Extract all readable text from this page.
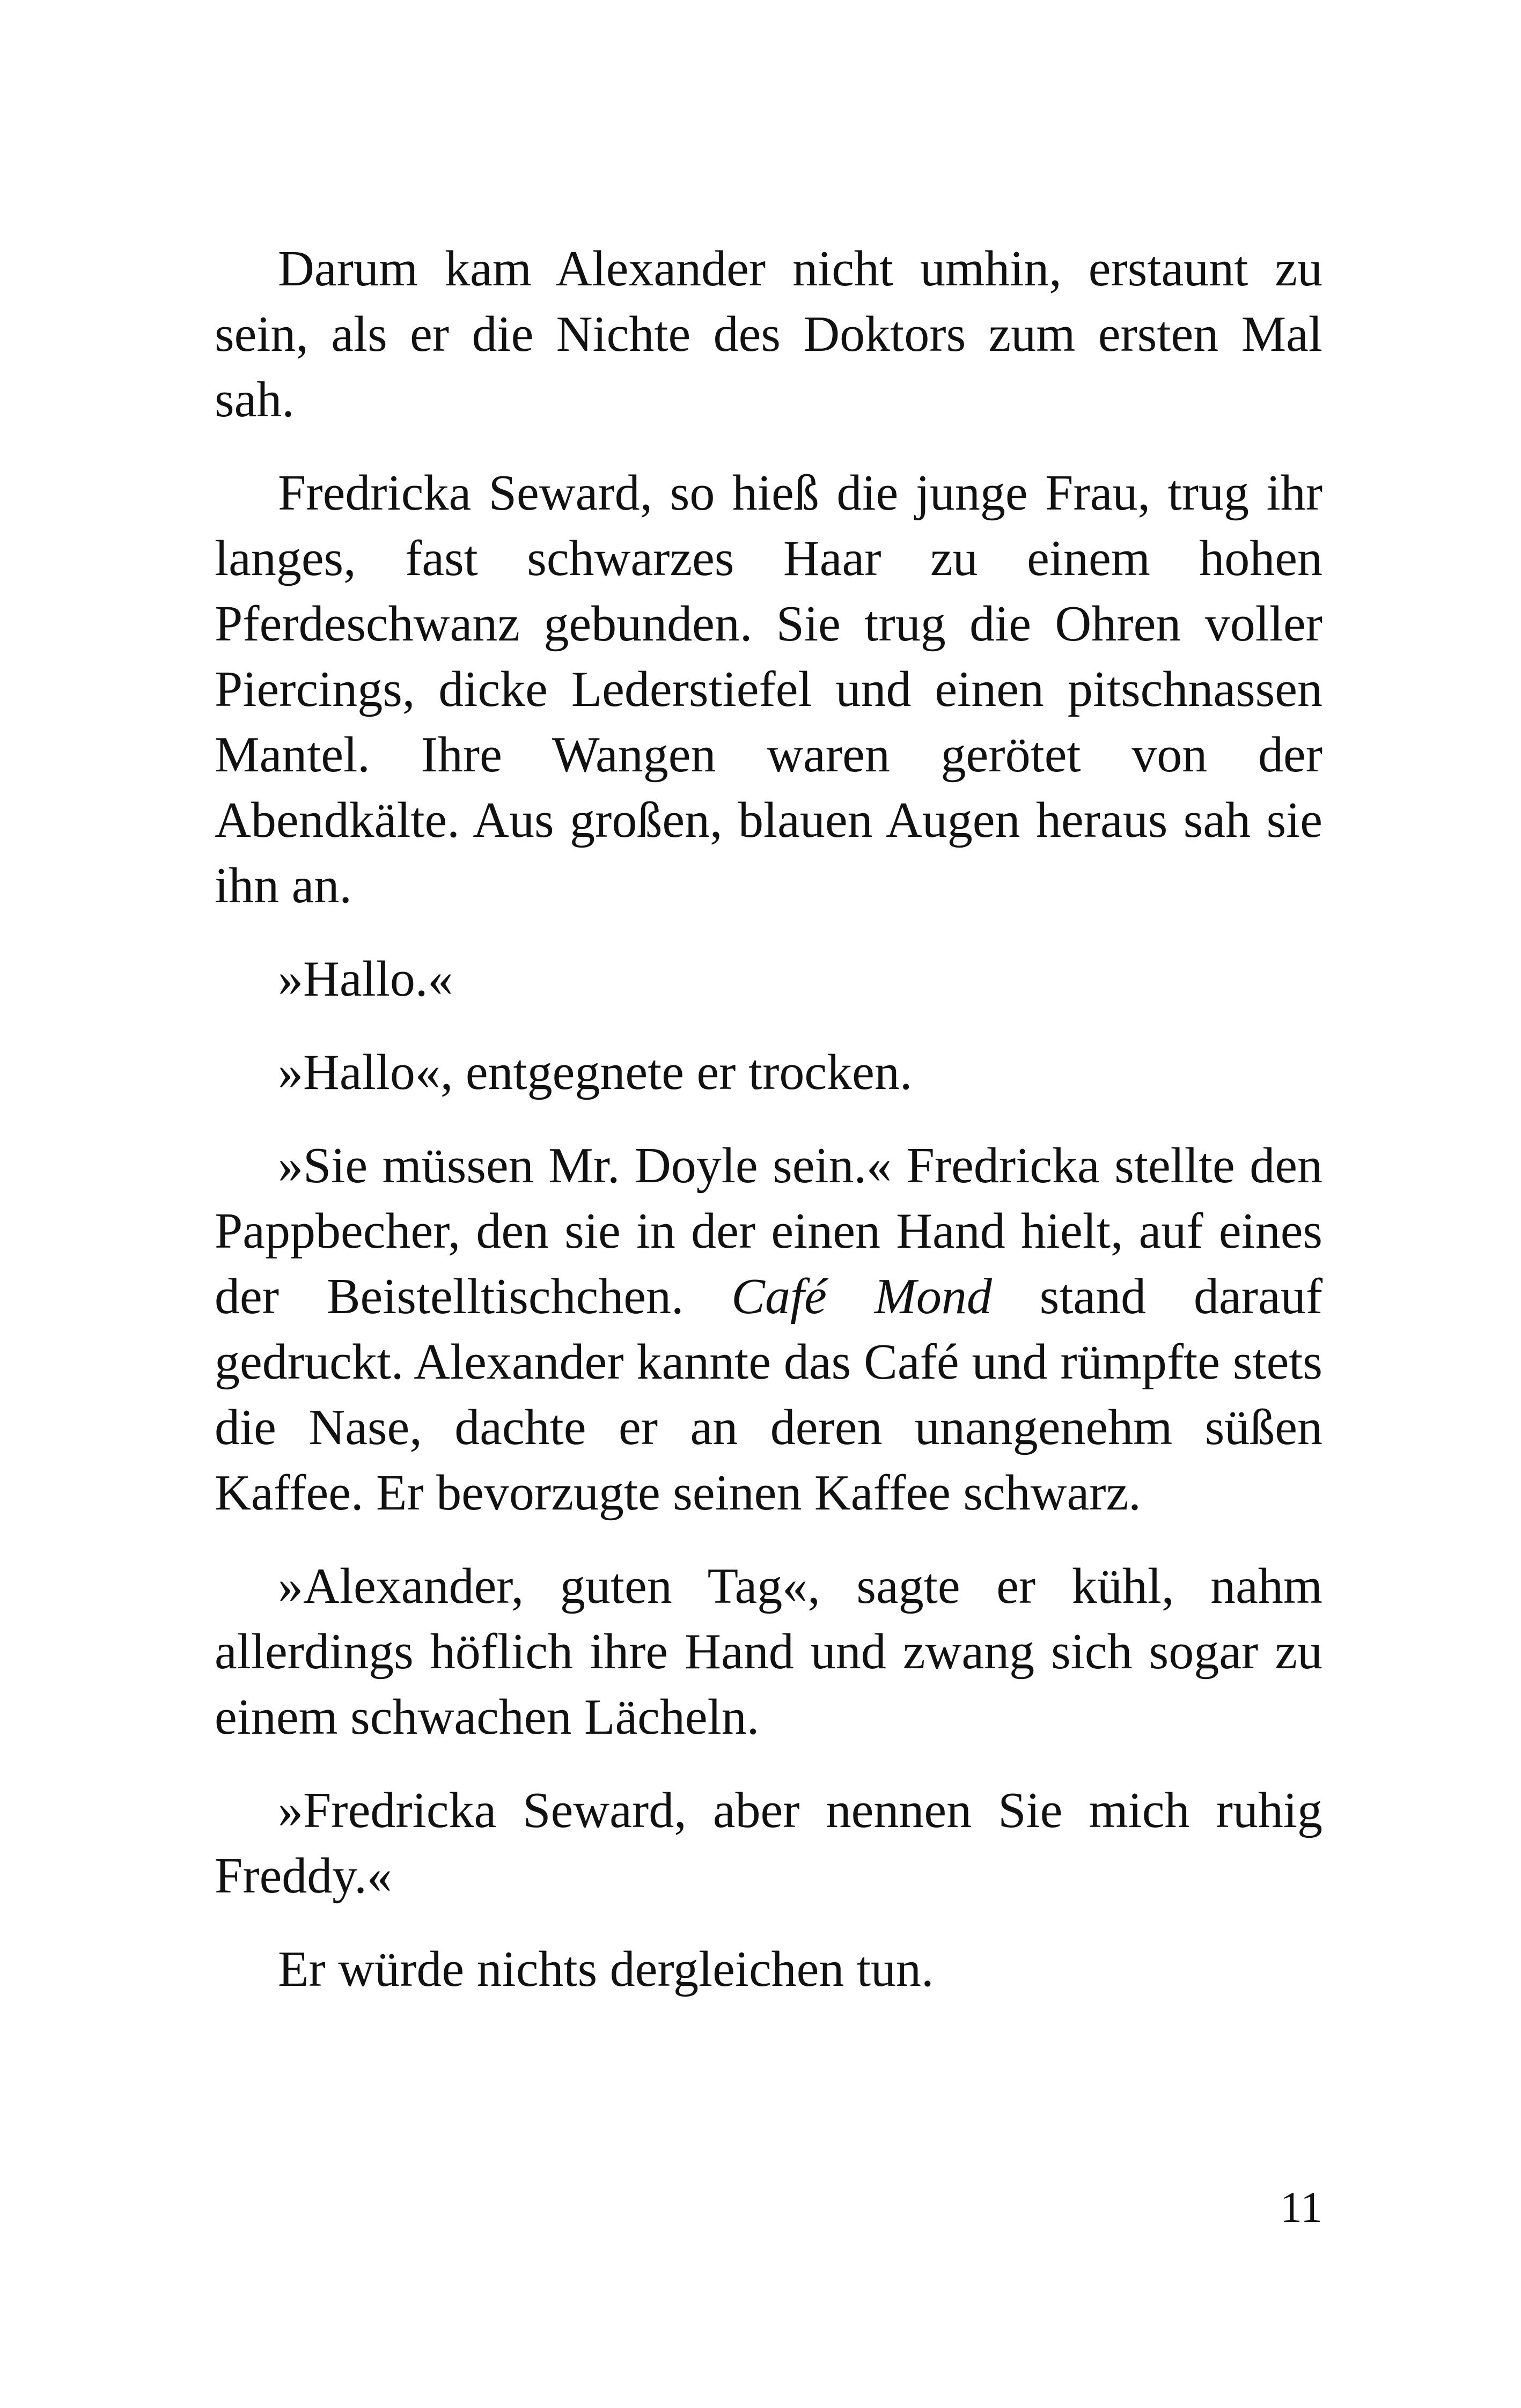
Darum kam Alexander nicht umhin, erstaunt zu sein, als er die Nichte des Doktors zum ersten Mal sah.

Fredricka Seward, so hieß die junge Frau, trug ihr langes, fast schwarzes Haar zu einem hohen Pferdeschwanz gebunden. Sie trug die Ohren voller Piercings, dicke Lederstiefel und einen pitschnassen Mantel. Ihre Wangen waren gerötet von der Abendkälte. Aus großen, blauen Augen heraus sah sie ihn an.

»Hallo.«

»Hallo«, entgegnete er trocken.

»Sie müssen Mr. Doyle sein.« Fredricka stellte den Pappbecher, den sie in der einen Hand hielt, auf eines der Beistelltischchen. Café Mond stand darauf gedruckt. Alexander kannte das Café und rümpfte stets die Nase, dachte er an deren unangenehm süßen Kaffee. Er bevorzugte seinen Kaffee schwarz.

»Alexander, guten Tag«, sagte er kühl, nahm allerdings höflich ihre Hand und zwang sich sogar zu einem schwachen Lächeln.

»Fredricka Seward, aber nennen Sie mich ruhig Freddy.«

Er würde nichts dergleichen tun.

11
